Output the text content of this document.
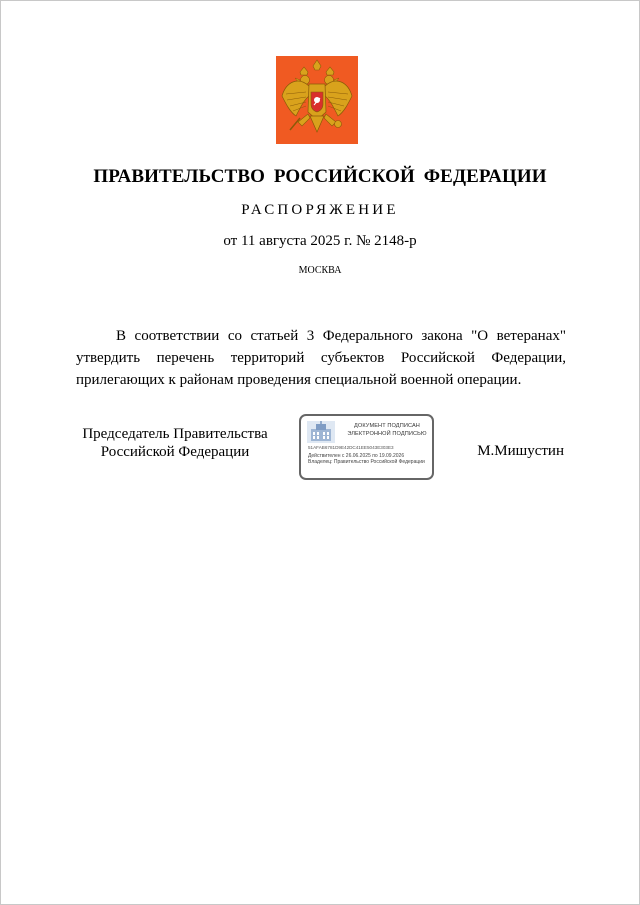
ПРАВИТЕЛЬСТВО РОССИЙСКОЙ ФЕДЕРАЦИИ
РАСПОРЯЖЕНИЕ
от 11 августа 2025 г. № 2148-р
МОСКВА
В соответствии со статьей 3 Федерального закона "О ветеранах"
утвердить перечень территорий субъектов Российской Федерации,
прилегающих к районам проведения специальной военной операции.
Председатель Правительства
Российской Федерации
ДОКУМЕНТ ПОДПИСАН
ЭЛЕКТРОННОЙ ПОДПИСЬЮ
51AFAB6781D9E42DC41EE5043E303E3
Действителен с 26.06.2025 по 19.09.2026
Владелец: Правительство Российской Федерации
М.Мишустин
